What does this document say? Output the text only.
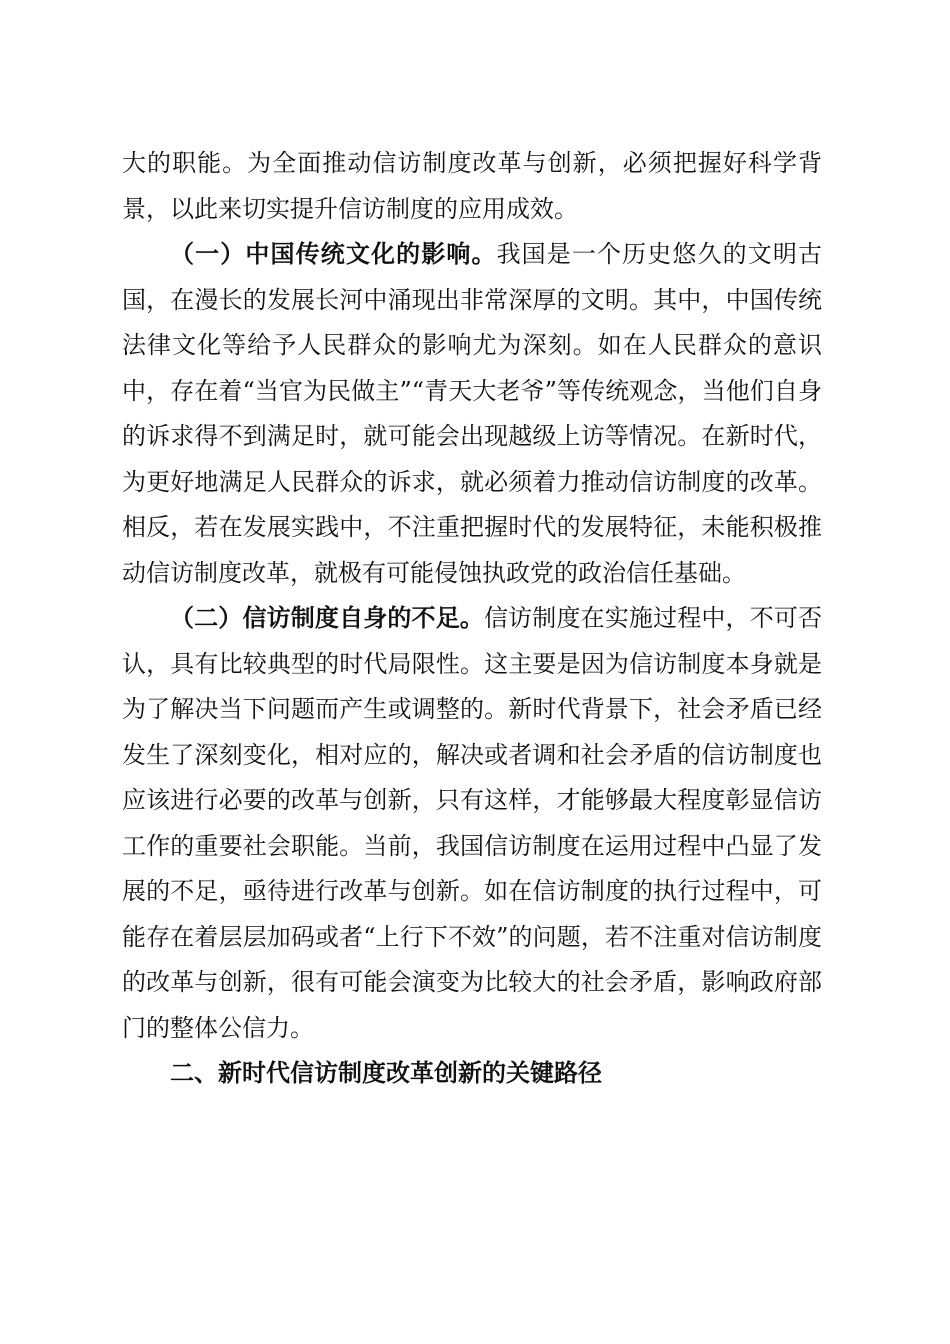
大的职能。为全面推动信访制度改革与创新，必须把握好科学背景，以此来切实提升信访制度的应用成效。

（一）中国传统文化的影响。我国是一个历史悠久的文明古国，在漫长的发展长河中涌现出非常深厚的文明。其中，中国传统法律文化等给予人民群众的影响尤为深刻。如在人民群众的意识中，存在着“当官为民做主”“青天大老爷”等传统观念，当他们自身的诉求得不到满足时，就可能会出现越级上访等情况。在新时代，为更好地满足人民群众的诉求，就必须着力推动信访制度的改革。相反，若在发展实践中，不注重把握时代的发展特征，未能积极推动信访制度改革，就极有可能侵蚀执政党的政治信任基础。

（二）信访制度自身的不足。信访制度在实施过程中，不可否认，具有比较典型的时代局限性。这主要是因为信访制度本身就是为了解决当下问题而产生或调整的。新时代背景下，社会矛盾已经发生了深刻变化，相对应的，解决或者调和社会矛盾的信访制度也应该进行必要的改革与创新，只有这样，才能够最大程度彰显信访工作的重要社会职能。当前，我国信访制度在运用过程中凸显了发展的不足，亟待进行改革与创新。如在信访制度的执行过程中，可能存在着层层加码或者“上行下不效”的问题，若不注重对信访制度的改革与创新，很有可能会演变为比较大的社会矛盾，影响政府部门的整体公信力。

二、新时代信访制度改革创新的关键路径
